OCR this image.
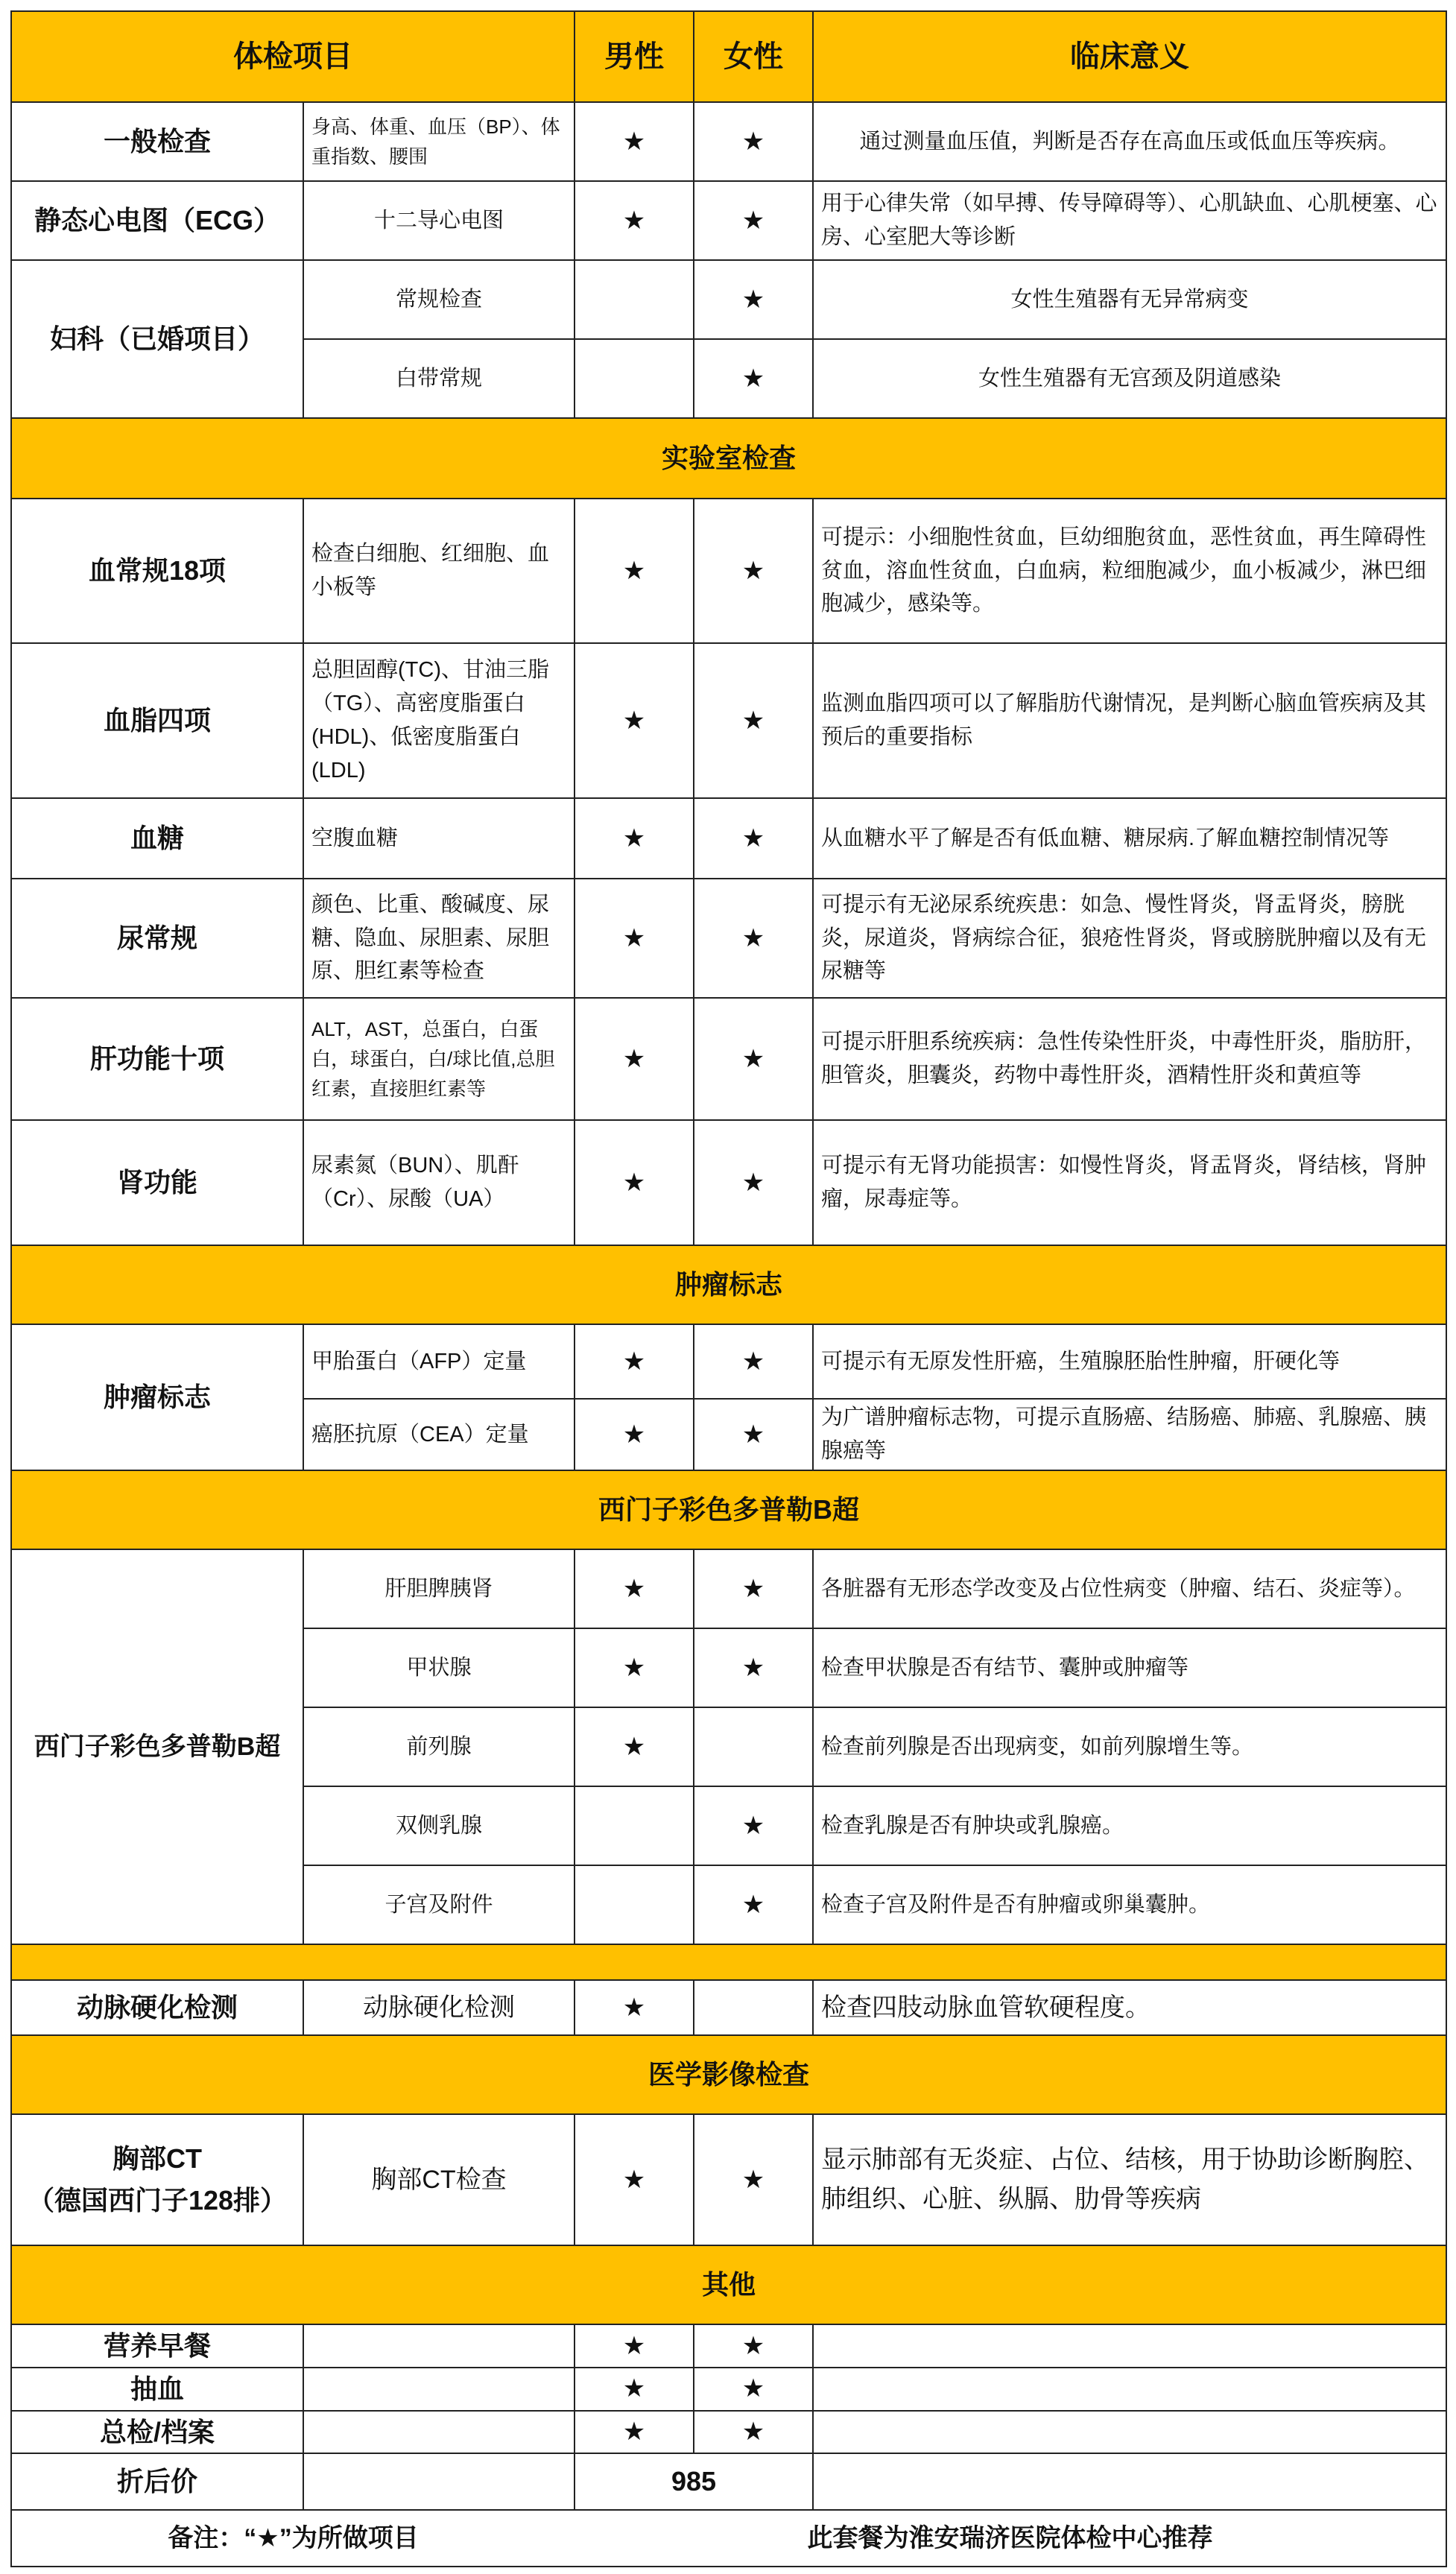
体检项目		男性	女性	临床意义
一般检查	身高、体重、血压（BP）、体重指数、腰围	★	★	通过测量血压值，判断是否存在高血压或低血压等疾病。
静态心电图（ECG）	十二导心电图	★	★	用于心律失常（如早搏、传导障碍等）、心肌缺血、心肌梗塞、心房、心室肥大等诊断
妇科（已婚项目）	常规检查		★	女性生殖器有无异常病变
	白带常规		★	女性生殖器有无宫颈及阴道感染
实验室检查				
血常规18项	检查白细胞、红细胞、血小板等	★	★	可提示：小细胞性贫血，巨幼细胞贫血，恶性贫血，再生障碍性贫血，溶血性贫血，白血病，粒细胞减少，血小板减少，淋巴细胞减少，感染等。
血脂四项	总胆固醇(TC)、甘油三脂（TG）、高密度脂蛋白(HDL)、低密度脂蛋白(LDL)	★	★	监测血脂四项可以了解脂肪代谢情况，是判断心脑血管疾病及其预后的重要指标
血糖	空腹血糖	★	★	从血糖水平了解是否有低血糖、糖尿病.了解血糖控制情况等
尿常规	颜色、比重、酸碱度、尿糖、隐血、尿胆素、尿胆原、胆红素等检查	★	★	可提示有无泌尿系统疾患：如急、慢性肾炎，肾盂肾炎，膀胱炎，尿道炎，肾病综合征，狼疮性肾炎，肾或膀胱肿瘤以及有无尿糖等
肝功能十项	ALT，AST，总蛋白，白蛋白，球蛋白，白/球比值,总胆红素，直接胆红素等	★	★	可提示肝胆系统疾病：急性传染性肝炎，中毒性肝炎，脂肪肝，胆管炎，胆囊炎，药物中毒性肝炎，酒精性肝炎和黄疸等
肾功能	尿素氮（BUN）、肌酐（Cr）、尿酸（UA）	★	★	可提示有无肾功能损害：如慢性肾炎，肾盂肾炎，肾结核，肾肿瘤，尿毒症等。
肿瘤标志				
肿瘤标志	甲胎蛋白（AFP）定量	★	★	可提示有无原发性肝癌，生殖腺胚胎性肿瘤，肝硬化等
	癌胚抗原（CEA）定量	★	★	为广谱肿瘤标志物，可提示直肠癌、结肠癌、肺癌、乳腺癌、胰腺癌等
西门子彩色多普勒B超				
西门子彩色多普勒B超	肝胆脾胰肾	★	★	各脏器有无形态学改变及占位性病变（肿瘤、结石、炎症等）。
	甲状腺	★	★	检查甲状腺是否有结节、囊肿或肿瘤等
	前列腺	★		检查前列腺是否出现病变，如前列腺增生等。
	双侧乳腺		★	检查乳腺是否有肿块或乳腺癌。
	子宫及附件		★	检查子宫及附件是否有肿瘤或卵巢囊肿。

动脉硬化检测	动脉硬化检测	★		检查四肢动脉血管软硬程度。
医学影像检查				

胸部CT
（德国西门子128排）	胸部CT检查	★	★	显示肺部有无炎症、占位、结核，用于协助诊断胸腔、肺组织、心脏、纵膈、肋骨等疾病
其他				
营养早餐		★	★	
抽血		★	★	
总检/档案		★	★	
折后价		985		
备注：“★”为所做项目		此套餐为淮安瑞济医院体检中心推荐		
